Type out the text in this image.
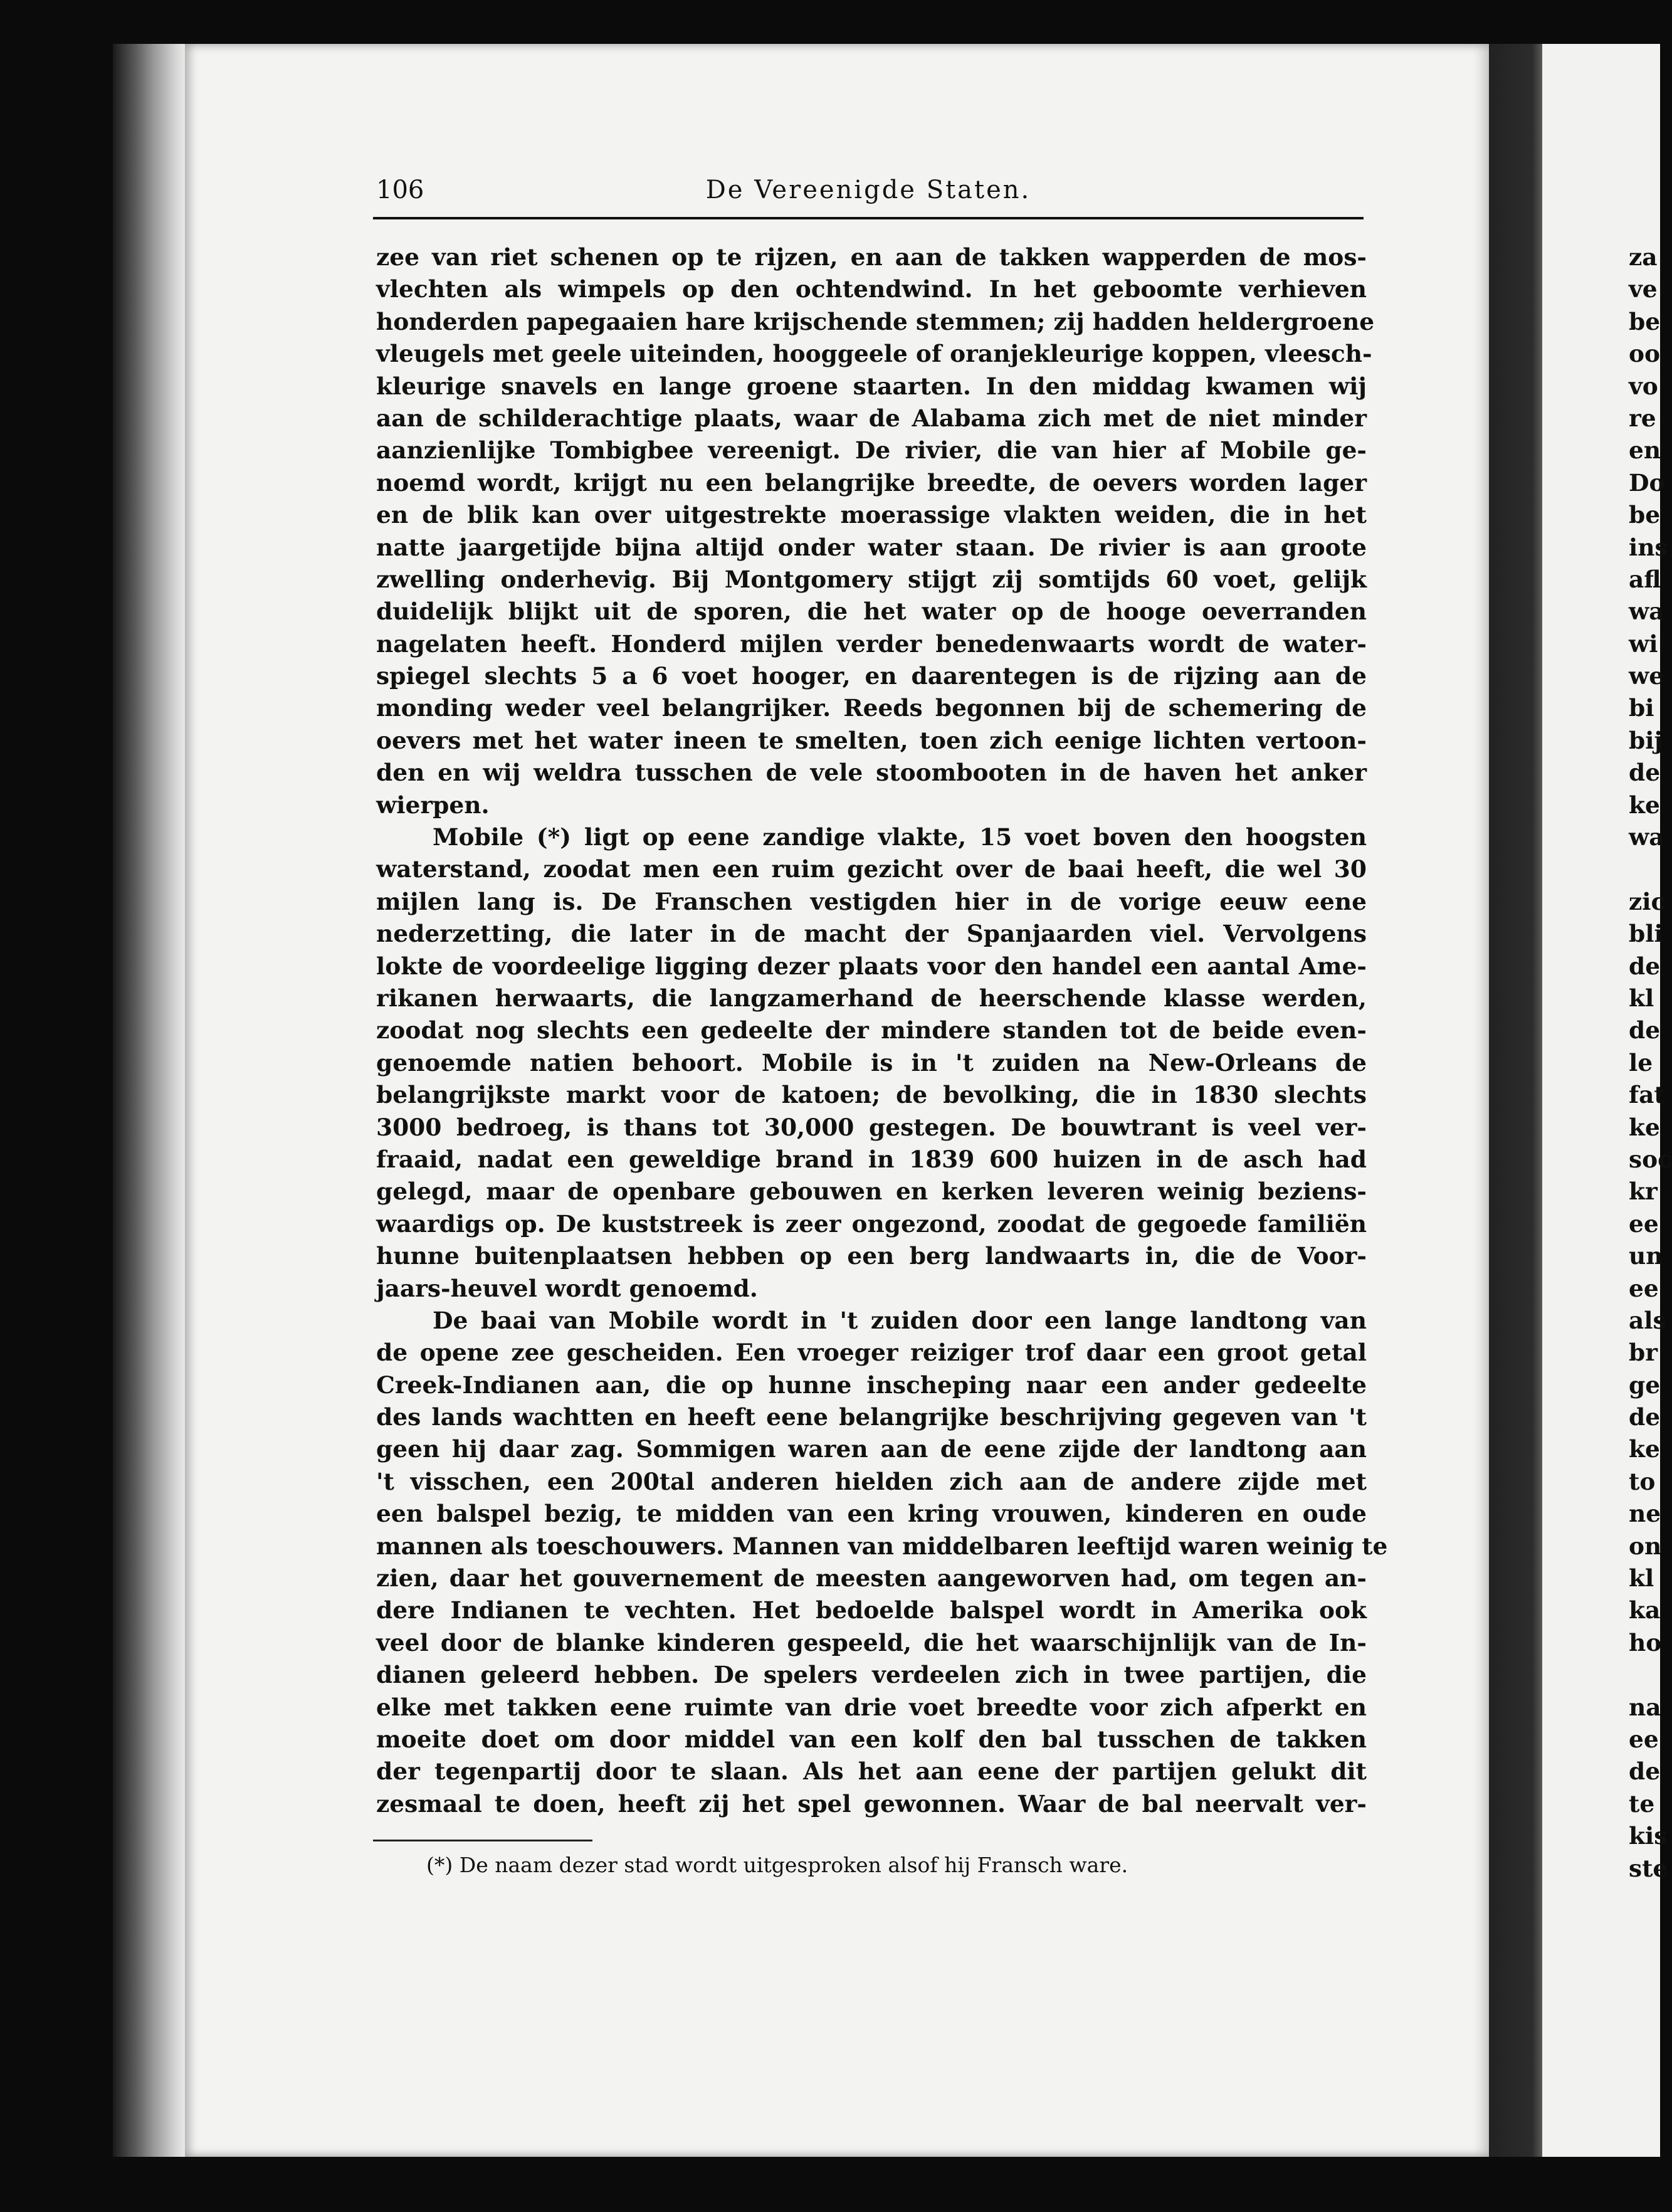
106	De Vereenigde Staten.
zee van riet schenen op te rijzen, en aan de takken wapperden de mos-
vlechten als wimpels op den ochtendwind. In het geboomte verhieven
honderden papegaaien hare krijschende stemmen; zij hadden heldergroene
vleugels met geele uiteinden, hooggeele of oranjekleurige koppen, vleesch-
kleurige snavels en lange groene staarten. In den middag kwamen wij
aan de schilderachtige plaats, waar de Alabama zich met de niet minder
aanzienlijke Tombigbee vereenigt. De rivier, die van hier af Mobile ge-
noemd wordt, krijgt nu een belangrijke breedte, de oevers worden lager
en de blik kan over uitgestrekte moerassige vlakten weiden, die in het
natte jaargetijde bijna altijd onder water staan. De rivier is aan groote
zwelling onderhevig. Bij Montgomery stijgt zij somtijds 60 voet, gelijk
duidelijk blijkt uit de sporen, die het water op de hooge oeverranden
nagelaten heeft. Honderd mijlen verder benedenwaarts wordt de water-
spiegel slechts 5 a 6 voet hooger, en daarentegen is de rijzing aan de
monding weder veel belangrijker. Reeds begonnen bij de schemering de
oevers met het water ineen te smelten, toen zich eenige lichten vertoon-
den en wij weldra tusschen de vele stoombooten in de haven het anker
wierpen.
Mobile (*) ligt op eene zandige vlakte, 15 voet boven den hoogsten
waterstand, zoodat men een ruim gezicht over de baai heeft, die wel 30
mijlen lang is. De Franschen vestigden hier in de vorige eeuw eene
nederzetting, die later in de macht der Spanjaarden viel. Vervolgens
lokte de voordeelige ligging dezer plaats voor den handel een aantal Ame-
rikanen herwaarts, die langzamerhand de heerschende klasse werden,
zoodat nog slechts een gedeelte der mindere standen tot de beide even-
genoemde natien behoort. Mobile is in 't zuiden na New-Orleans de
belangrijkste markt voor de katoen; de bevolking, die in 1830 slechts
3000 bedroeg, is thans tot 30,000 gestegen. De bouwtrant is veel ver-
fraaid, nadat een geweldige brand in 1839 600 huizen in de asch had
gelegd, maar de openbare gebouwen en kerken leveren weinig beziens-
waardigs op. De kuststreek is zeer ongezond, zoodat de gegoede familiën
hunne buitenplaatsen hebben op een berg landwaarts in, die de Voor-
jaars-heuvel wordt genoemd.
De baai van Mobile wordt in 't zuiden door een lange landtong van
de opene zee gescheiden. Een vroeger reiziger trof daar een groot getal
Creek-Indianen aan, die op hunne inscheping naar een ander gedeelte
des lands wachtten en heeft eene belangrijke beschrijving gegeven van 't
geen hij daar zag. Sommigen waren aan de eene zijde der landtong aan
't visschen, een 200tal anderen hielden zich aan de andere zijde met
een balspel bezig, te midden van een kring vrouwen, kinderen en oude
mannen als toeschouwers. Mannen van middelbaren leeftijd waren weinig te
zien, daar het gouvernement de meesten aangeworven had, om tegen an-
dere Indianen te vechten. Het bedoelde balspel wordt in Amerika ook
veel door de blanke kinderen gespeeld, die het waarschijnlijk van de In-
dianen geleerd hebben. De spelers verdeelen zich in twee partijen, die
elke met takken eene ruimte van drie voet breedte voor zich afperkt en
moeite doet om door middel van een kolf den bal tusschen de takken
der tegenpartij door te slaan. Als het aan eene der partijen gelukt dit
zesmaal te doen, heeft zij het spel gewonnen. Waar de bal neervalt ver-
(*) De naam dezer stad wordt uitgesproken alsof hij Fransch ware.
za
ve
be
oo
vo
re
en
Do
be
ins
afl
wa
wi
we
bi
bij
de
ke
wa
zic
bli
de
kl
de
le
fat
ke
soc
kr
ee
un
ee
als
br
ge
de
ke
to
ne
on
kl
ka
ho
na
ee
de
te
kis
ste
